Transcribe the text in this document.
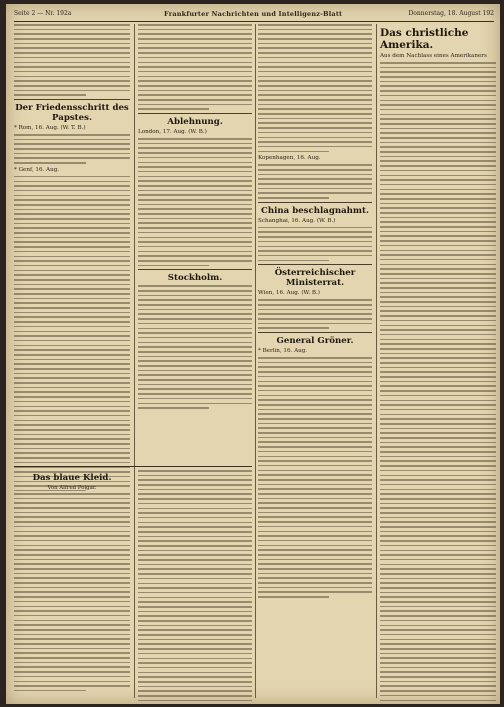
Seite 2 — Nr. 192a	Frankfurter Nachrichten und Intelligenz-Blatt	Donnerstag, 18. August 192
Der Friedensschritt des Papstes.
* Rom, 16. Aug. (W. T. B.)
* Genf, 16. Aug.
Ablehnung.
London, 17. Aug. (W. B.)
Stockholm.
Kopenhagen, 16. Aug.
China beschlagnahmt.
Schanghai, 16. Aug. (W. B.)
Österreichischer Ministerrat.
Wien, 16. Aug. (W. B.)
General Gröner.
* Berlin, 16. Aug.
Das christliche Amerika.
Aus dem Nachlass eines Amerikaners
Das blaue Kleid.
Von Alfred Polgar.
